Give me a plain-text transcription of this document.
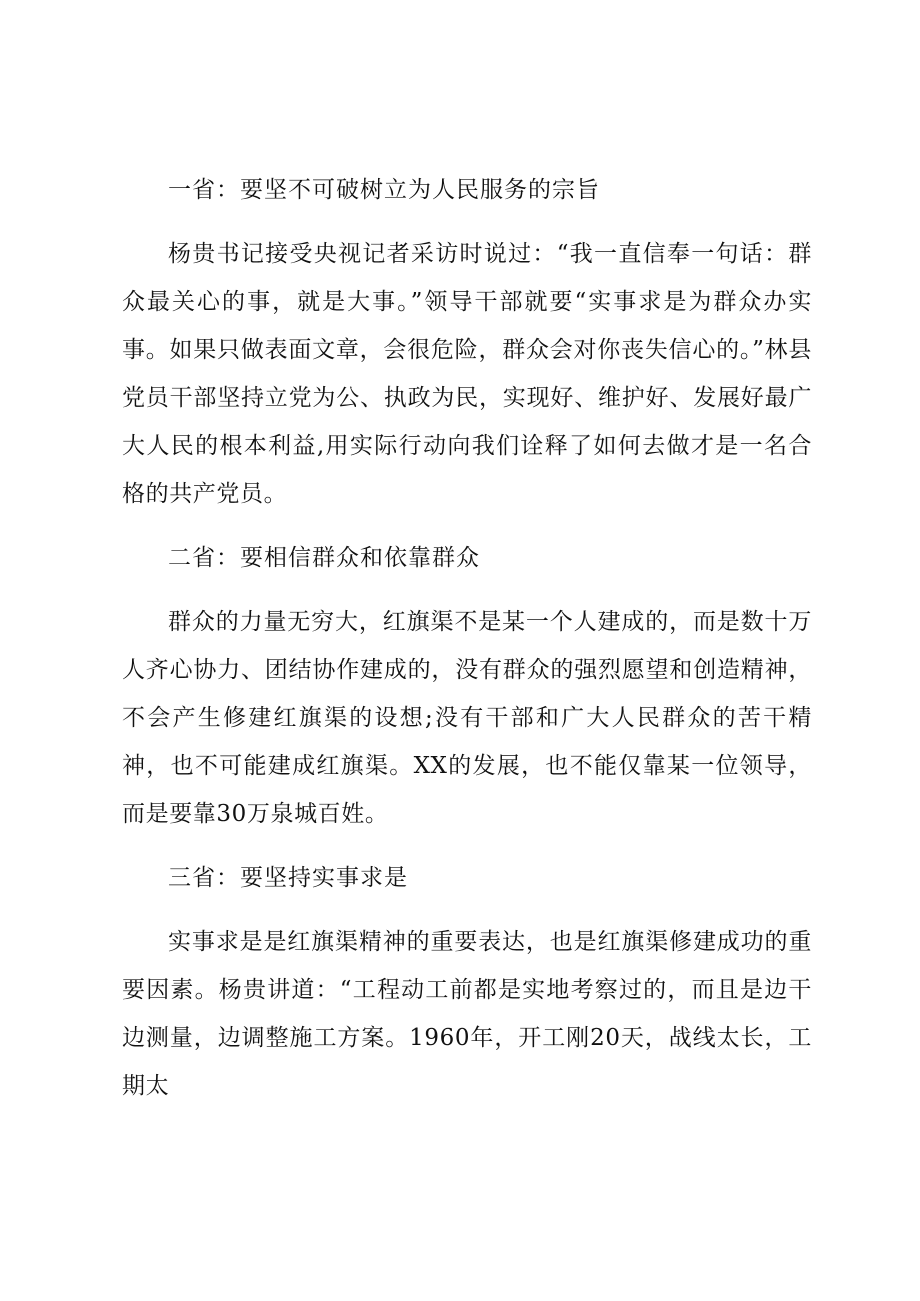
一省：要坚不可破树立为人民服务的宗旨

杨贵书记接受央视记者采访时说过：“我一直信奉一句话：群众最关心的事，就是大事。”领导干部就要“实事求是为群众办实事。如果只做表面文章，会很危险，群众会对你丧失信心的。”林县党员干部坚持立党为公、执政为民，实现好、维护好、发展好最广大人民的根本利益,用实际行动向我们诠释了如何去做才是一名合格的共产党员。

二省：要相信群众和依靠群众

群众的力量无穷大，红旗渠不是某一个人建成的，而是数十万人齐心协力、团结协作建成的，没有群众的强烈愿望和创造精神，不会产生修建红旗渠的设想;没有干部和广大人民群众的苦干精神，也不可能建成红旗渠。XX的发展，也不能仅靠某一位领导，而是要靠30万泉城百姓。

三省：要坚持实事求是

实事求是是红旗渠精神的重要表达，也是红旗渠修建成功的重要因素。杨贵讲道：“工程动工前都是实地考察过的，而且是边干边测量，边调整施工方案。1960年，开工刚20天，战线太长，工期太
